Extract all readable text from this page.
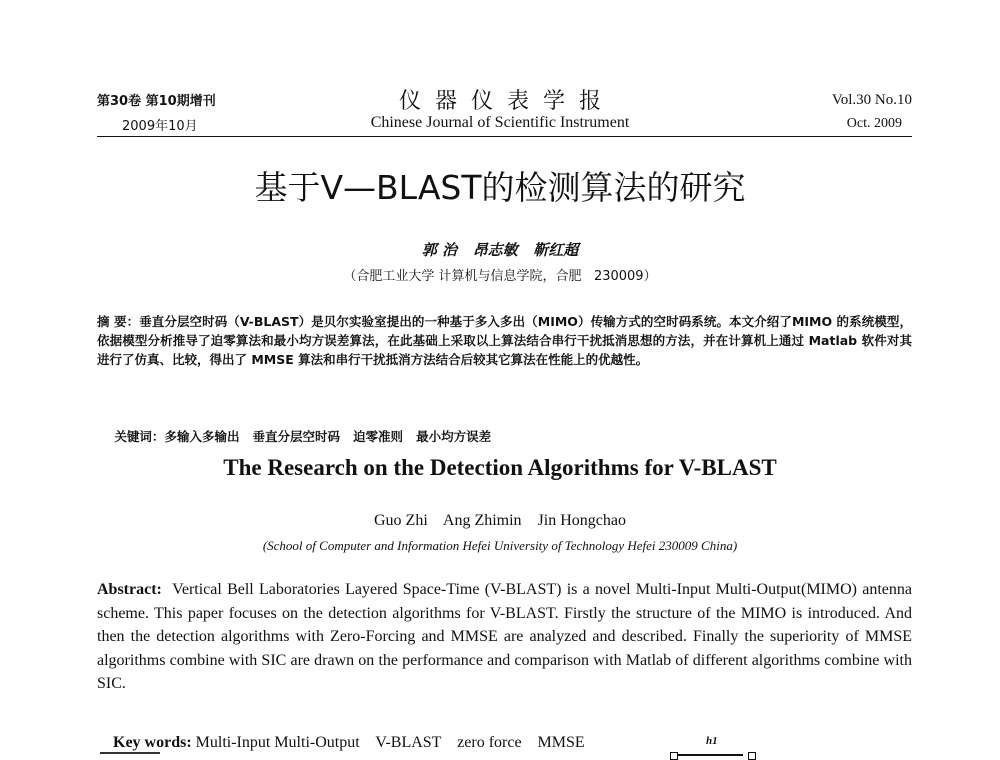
第30卷 第10期增刊
2009年10月
仪  器  仪  表  学  报
Chinese Journal of Scientific Instrument
Vol.30 No.10
Oct. 2009
基于V—BLAST的检测算法的研究
郭 治   昂志敏   靳红超
（合肥工业大学 计算机与信息学院，合肥   230009）
摘 要：垂直分层空时码（V-BLAST）是贝尔实验室提出的一种基于多入多出（MIMO）传输方式的空时码系统。本文介绍了MIMO 的系统模型，依据模型分析推导了迫零算法和最小均方误差算法，在此基础上采取以上算法结合串行干扰抵消思想的方法，并在计算机上通过 Matlab 软件对其进行了仿真、比较，得出了 MMSE 算法和串行干扰抵消方法结合后较其它算法在性能上的优越性。

关键词：多输入多输出   垂直分层空时码   迫零准则   最小均方误差

The Research on the Detection Algorithms for V-BLAST
Guo Zhi    Ang Zhimin    Jin Hongchao
(School of Computer and Information Hefei University of Technology Hefei 230009 China)
Abstract: Vertical Bell Laboratories Layered Space-Time (V-BLAST) is a novel Multi-Input Multi-Output(MIMO) antenna scheme. This paper focuses on the detection algorithms for V-BLAST. Firstly the structure of the MIMO is introduced. And then the detection algorithms with Zero-Forcing and MMSE are analyzed and described. Finally the superiority of MMSE algorithms combine with SIC are drawn on the performance and comparison with Matlab of different algorithms combine with SIC.

Key words: Multi-Input Multi-Output    V-BLAST    zero force    MMSE
	h1
